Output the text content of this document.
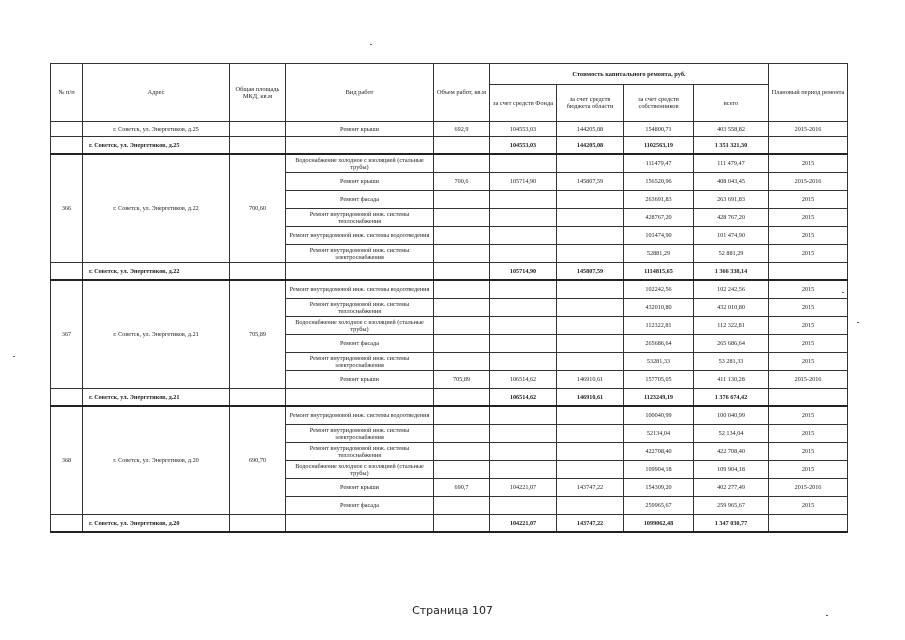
№ п/п	Адрес	Общая площадь МКД, кв.м	Вид работ	Объем работ, кв.м	Стоимость капитального ремонта, руб.				Плановый период ремонта
					за счет средств Фонда	за счет средств бюджета области	за счет средств собственников	всего	
	г. Советск, ул. Энергетиков, д.25		Ремонт крыши	692,9	104553,03	144205,08	154800,71	403 558,82	2015-2016
	г. Советск, ул. Энергетиков, д.25				104553,03	144205,08	1102563,19	1 351 321,30	
366	г. Советск, ул. Энергетиков, д.22	700,60	Водоснабжение холодное с изоляцией (стальные трубы)				111479,47	111 479,47	2015
			Ремонт крыши	700,6	105714,90	145807,59	156520,96	408 043,45	2015-2016
			Ремонт фасада				263691,83	263 691,83	2015
			Ремонт внутридомовой инж. системы теплоснабжения				428767,20	428 767,20	2015
			Ремонт внутридомовой инж. системы водоотведения				101474,90	101 474,90	2015
			Ремонт внутридомовой инж. системы электроснабжения				52881,29	52 881,29	2015
	г. Советск, ул. Энергетиков, д.22				105714,90	145807,59	1114815,65	1 366 338,14	
367	г. Советск, ул. Энергетиков, д.21	705,89	Ремонт внутридомовой инж. системы водоотведения				102242,56	102 242,56	2015
			Ремонт внутридомовой инж. системы теплоснабжения				432010,80	432 010,80	2015
			Водоснабжение холодное с изоляцией (стальные трубы)				112322,81	112 322,81	2015
			Ремонт фасада				265686,64	265 686,64	2015
			Ремонт внутридомовой инж. системы электроснабжения				53281,33	53 281,33	2015
			Ремонт крыши	705,89	106514,62	146910,61	157705,05	411 130,28	2015-2016
	г. Советск, ул. Энергетиков, д.21				106514,62	146910,61	1123249,19	1 376 674,42	
368	г. Советск, ул. Энергетиков, д.20	690,70	Ремонт внутридомовой инж. системы водоотведения				100040,99	100 040,99	2015
			Ремонт внутридомовой инж. системы электроснабжения				52134,04	52 134,04	2015
			Ремонт внутридомовой инж. системы теплоснабжения				422708,40	422 708,40	2015
			Водоснабжение холодное с изоляцией (стальные трубы)				109904,18	109 904,18	2015
			Ремонт крыши	690,7	104221,07	143747,22	154309,20	402 277,49	2015-2016
			Ремонт фасада				259965,67	259 965,67	2015
	г. Советск, ул. Энергетиков, д.20				104221,07	143747,22	1099062,48	1 347 030,77	
Страница 107
